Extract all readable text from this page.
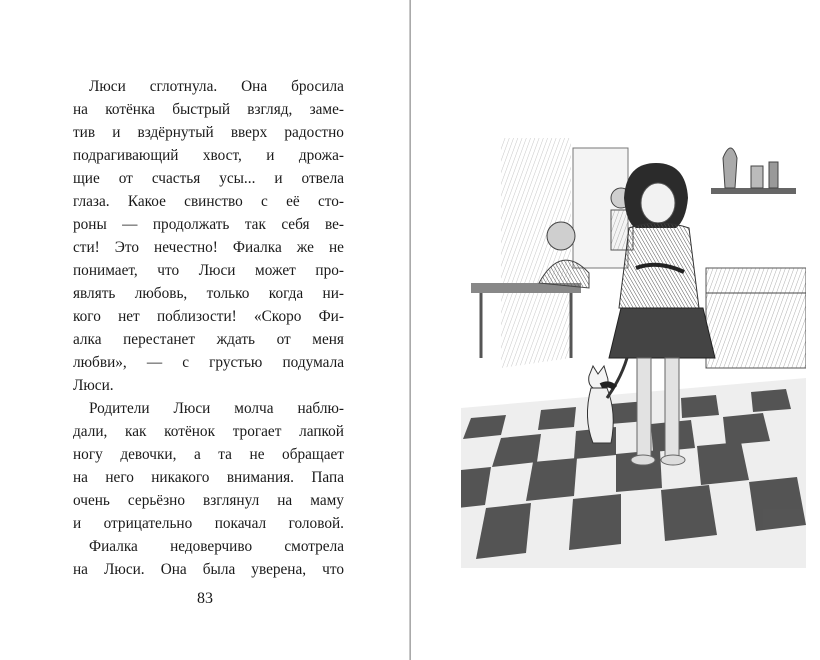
Люси сглотнула. Она бросила
на котёнка быстрый взгляд, заме-
тив и вздёрнутый вверх радостно
подрагивающий хвост, и дрожа-
щие от счастья усы... и отвела
глаза. Какое свинство с её сто-
роны — продолжать так себя ве-
сти! Это нечестно! Фиалка же не
понимает, что Люси может про-
являть любовь, только когда ни-
кого нет поблизости! «Скоро Фи-
алка перестанет ждать от меня
любви», — с грустью подумала
Люси.
Родители Люси молча наблю-
дали, как котёнок трогает лапкой
ногу девочки, а та не обращает
на него никакого внимания. Папа
очень серьёзно взглянул на маму
и отрицательно покачал головой.
Фиалка недоверчиво смотрела
на Люси. Она была уверена, что
83
